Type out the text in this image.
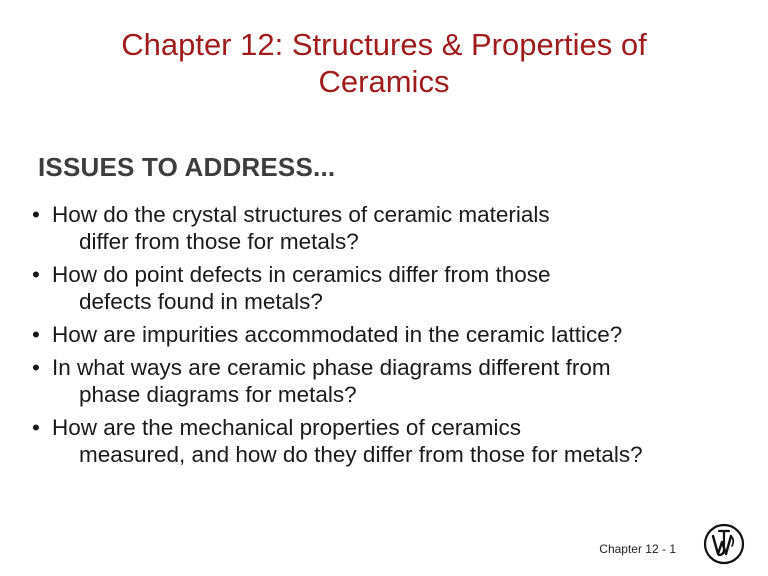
Chapter 12: Structures & Properties of Ceramics
ISSUES TO ADDRESS...
• How do the crystal structures of ceramic materials
differ from those for metals?
• How do point defects in ceramics differ from those
defects found in metals?
• How are impurities accommodated in the ceramic lattice?
• In what ways are ceramic phase diagrams different from
phase diagrams for metals?
• How are the mechanical properties of ceramics
measured, and how do they differ from those for metals?
Chapter 12 - 1
